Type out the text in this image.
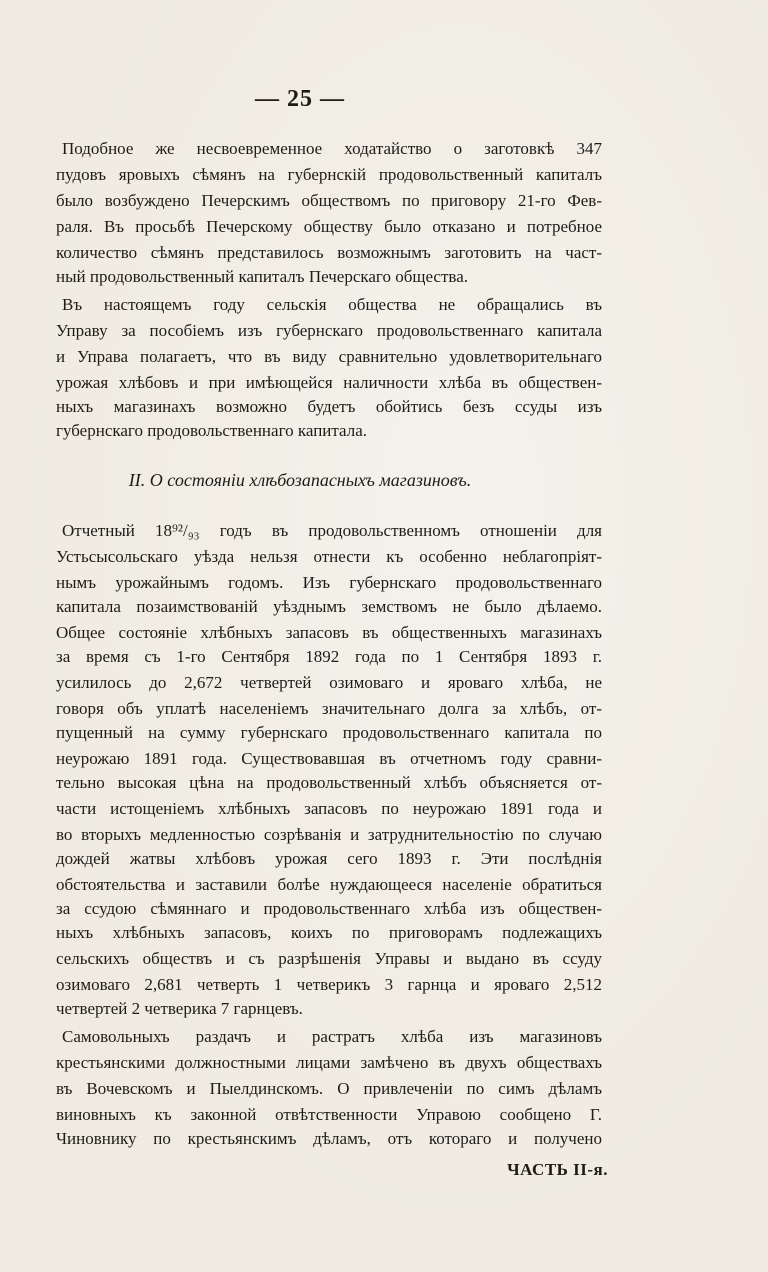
— 25 —
Подобное же несвоевременное ходатайство о заготовкѣ 347
пудовъ яровыхъ сѣмянъ на губернскій продовольственный капиталъ
было возбуждено Печерскимъ обществомъ по приговору 21-го Фев-
раля. Въ просьбѣ Печерскому обществу было отказано и потребное
количество сѣмянъ представилось возможнымъ заготовить на част-
ный продовольственный капиталъ Печерскаго общества.
Въ настоящемъ году сельскія общества не обращались въ
Управу за пособіемъ изъ губернскаго продовольственнаго капитала
и Управа полагаетъ, что въ виду сравнительно удовлетворительнаго
урожая хлѣбовъ и при имѣющейся наличности хлѣба въ обществен-
ныхъ магазинахъ возможно будетъ обойтись безъ ссуды изъ
губернскаго продовольственнаго капитала.
II. О состояніи хлѣбозапасныхъ магазиновъ.
Отчетный 18⁹²/₉₃ годъ въ продовольственномъ отношеніи для
Устьсысольскаго уѣзда нельзя отнести къ особенно неблагопріят-
нымъ урожайнымъ годомъ. Изъ губернскаго продовольственнаго
капитала позаимствованій уѣзднымъ земствомъ не было дѣлаемо.
Общее состояніе хлѣбныхъ запасовъ въ общественныхъ магазинахъ
за время съ 1-го Сентября 1892 года по 1 Сентября 1893 г.
усилилось до 2,672 четвертей озимоваго и яроваго хлѣба, не
говоря объ уплатѣ населеніемъ значительнаго долга за хлѣбъ, от-
пущенный на сумму губернскаго продовольственнаго капитала по
неурожаю 1891 года. Существовавшая въ отчетномъ году сравни-
тельно высокая цѣна на продовольственный хлѣбъ объясняется от-
части истощеніемъ хлѣбныхъ запасовъ по неурожаю 1891 года и
во вторыхъ медленностью созрѣванія и затруднительностію по случаю
дождей жатвы хлѣбовъ урожая сего 1893 г. Эти послѣднія
обстоятельства и заставили болѣе нуждающееся населеніе обратиться
за ссудою сѣмяннаго и продовольственнаго хлѣба изъ обществен-
ныхъ хлѣбныхъ запасовъ, коихъ по приговорамъ подлежащихъ
сельскихъ обществъ и съ разрѣшенія Управы и выдано въ ссуду
озимоваго 2,681 четверть 1 четверикъ 3 гарнца и яроваго 2,512
четвертей 2 четверика 7 гарнцевъ.
Самовольныхъ раздачъ и растратъ хлѣба изъ магазиновъ
крестьянскими должностными лицами замѣчено въ двухъ обществахъ
въ Вочевскомъ и Пыелдинскомъ. О привлеченіи по симъ дѣламъ
виновныхъ къ законной отвѣтственности Управою сообщено Г.
Чиновнику по крестьянскимъ дѣламъ, отъ котораго и получено
ЧАСТЬ II-я.
